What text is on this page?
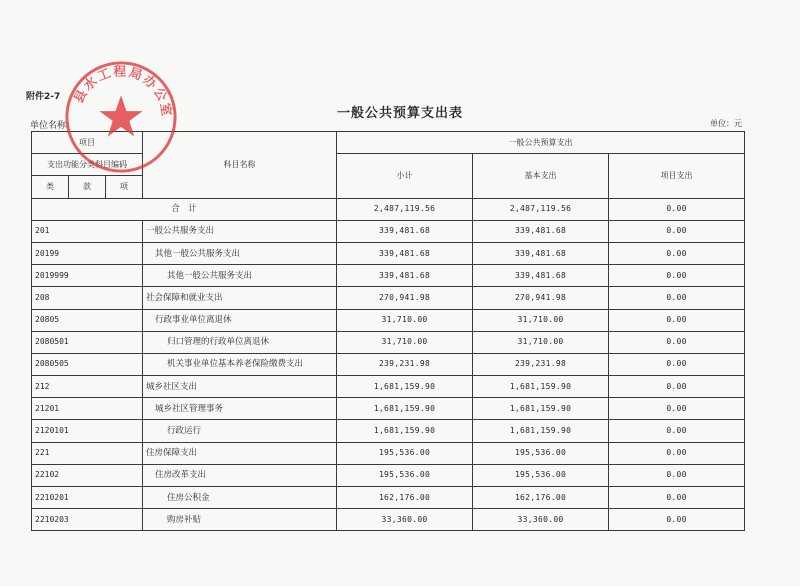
附件2-7
一般公共预算支出表
单位名称：	单位：元
项目			科目名称	一般公共预算支出		
支出功能分类科目编码				小计	基本支出	项目支出
类	款	项				
合　计				2,487,119.56	2,487,119.56	0.00
201			一般公共服务支出	339,481.68	339,481.68	0.00
20199			其他一般公共服务支出	339,481.68	339,481.68	0.00
2019999			其他一般公共服务支出	339,481.68	339,481.68	0.00
208			社会保障和就业支出	270,941.98	270,941.98	0.00
20805			行政事业单位离退休	31,710.00	31,710.00	0.00
2080501			归口管理的行政单位离退休	31,710.00	31,710.00	0.00
2080505			机关事业单位基本养老保险缴费支出	239,231.98	239,231.98	0.00
212			城乡社区支出	1,681,159.90	1,681,159.90	0.00
21201			城乡社区管理事务	1,681,159.90	1,681,159.90	0.00
2120101			行政运行	1,681,159.90	1,681,159.90	0.00
221			住房保障支出	195,536.00	195,536.00	0.00
22102			住房改革支出	195,536.00	195,536.00	0.00
2210201			住房公积金	162,176.00	162,176.00	0.00
2210203			购房补贴	33,360.00	33,360.00	0.00
县水工程局办公室
